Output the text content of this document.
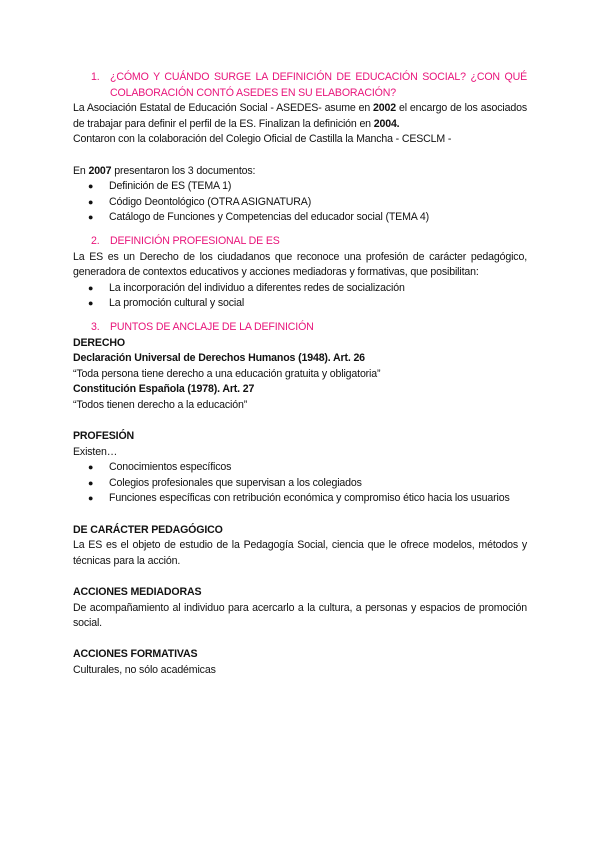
1. ¿CÓMO Y CUÁNDO SURGE LA DEFINICIÓN DE EDUCACIÓN SOCIAL? ¿CON QUÉ COLABORACIÓN CONTÓ ASEDES EN SU ELABORACIÓN?

La Asociación Estatal de Educación Social - ASEDES- asume en 2002 el encargo de los asociados de trabajar para definir el perfil de la ES. Finalizan la definición en 2004.

Contaron con la colaboración del Colegio Oficial de Castilla la Mancha - CESCLM -

En 2007 presentaron los 3 documentos:

● Definición de ES (TEMA 1)
● Código Deontológico (OTRA ASIGNATURA)
● Catálogo de Funciones y Competencias del educador social (TEMA 4)
2. DEFINICIÓN PROFESIONAL DE ES

La ES es un Derecho de los ciudadanos que reconoce una profesión de carácter pedagógico, generadora de contextos educativos y acciones mediadoras y formativas, que posibilitan:

● La incorporación del individuo a diferentes redes de socialización
● La promoción cultural y social
3. PUNTOS DE ANCLAJE DE LA DEFINICIÓN

DERECHO

Declaración Universal de Derechos Humanos (1948). Art. 26

“Toda persona tiene derecho a una educación gratuita y obligatoria”

Constitución Española (1978). Art. 27

“Todos tienen derecho a la educación”

PROFESIÓN

Existen…

● Conocimientos específicos
● Colegios profesionales que supervisan a los colegiados
● Funciones específicas con retribución económica y compromiso ético hacia los usuarios

DE CARÁCTER PEDAGÓGICO

La ES es el objeto de estudio de la Pedagogía Social, ciencia que le ofrece modelos, métodos y técnicas para la acción.

ACCIONES MEDIADORAS

De acompañamiento al individuo para acercarlo a la cultura, a personas y espacios de promoción social.

ACCIONES FORMATIVAS

Culturales, no sólo académicas
